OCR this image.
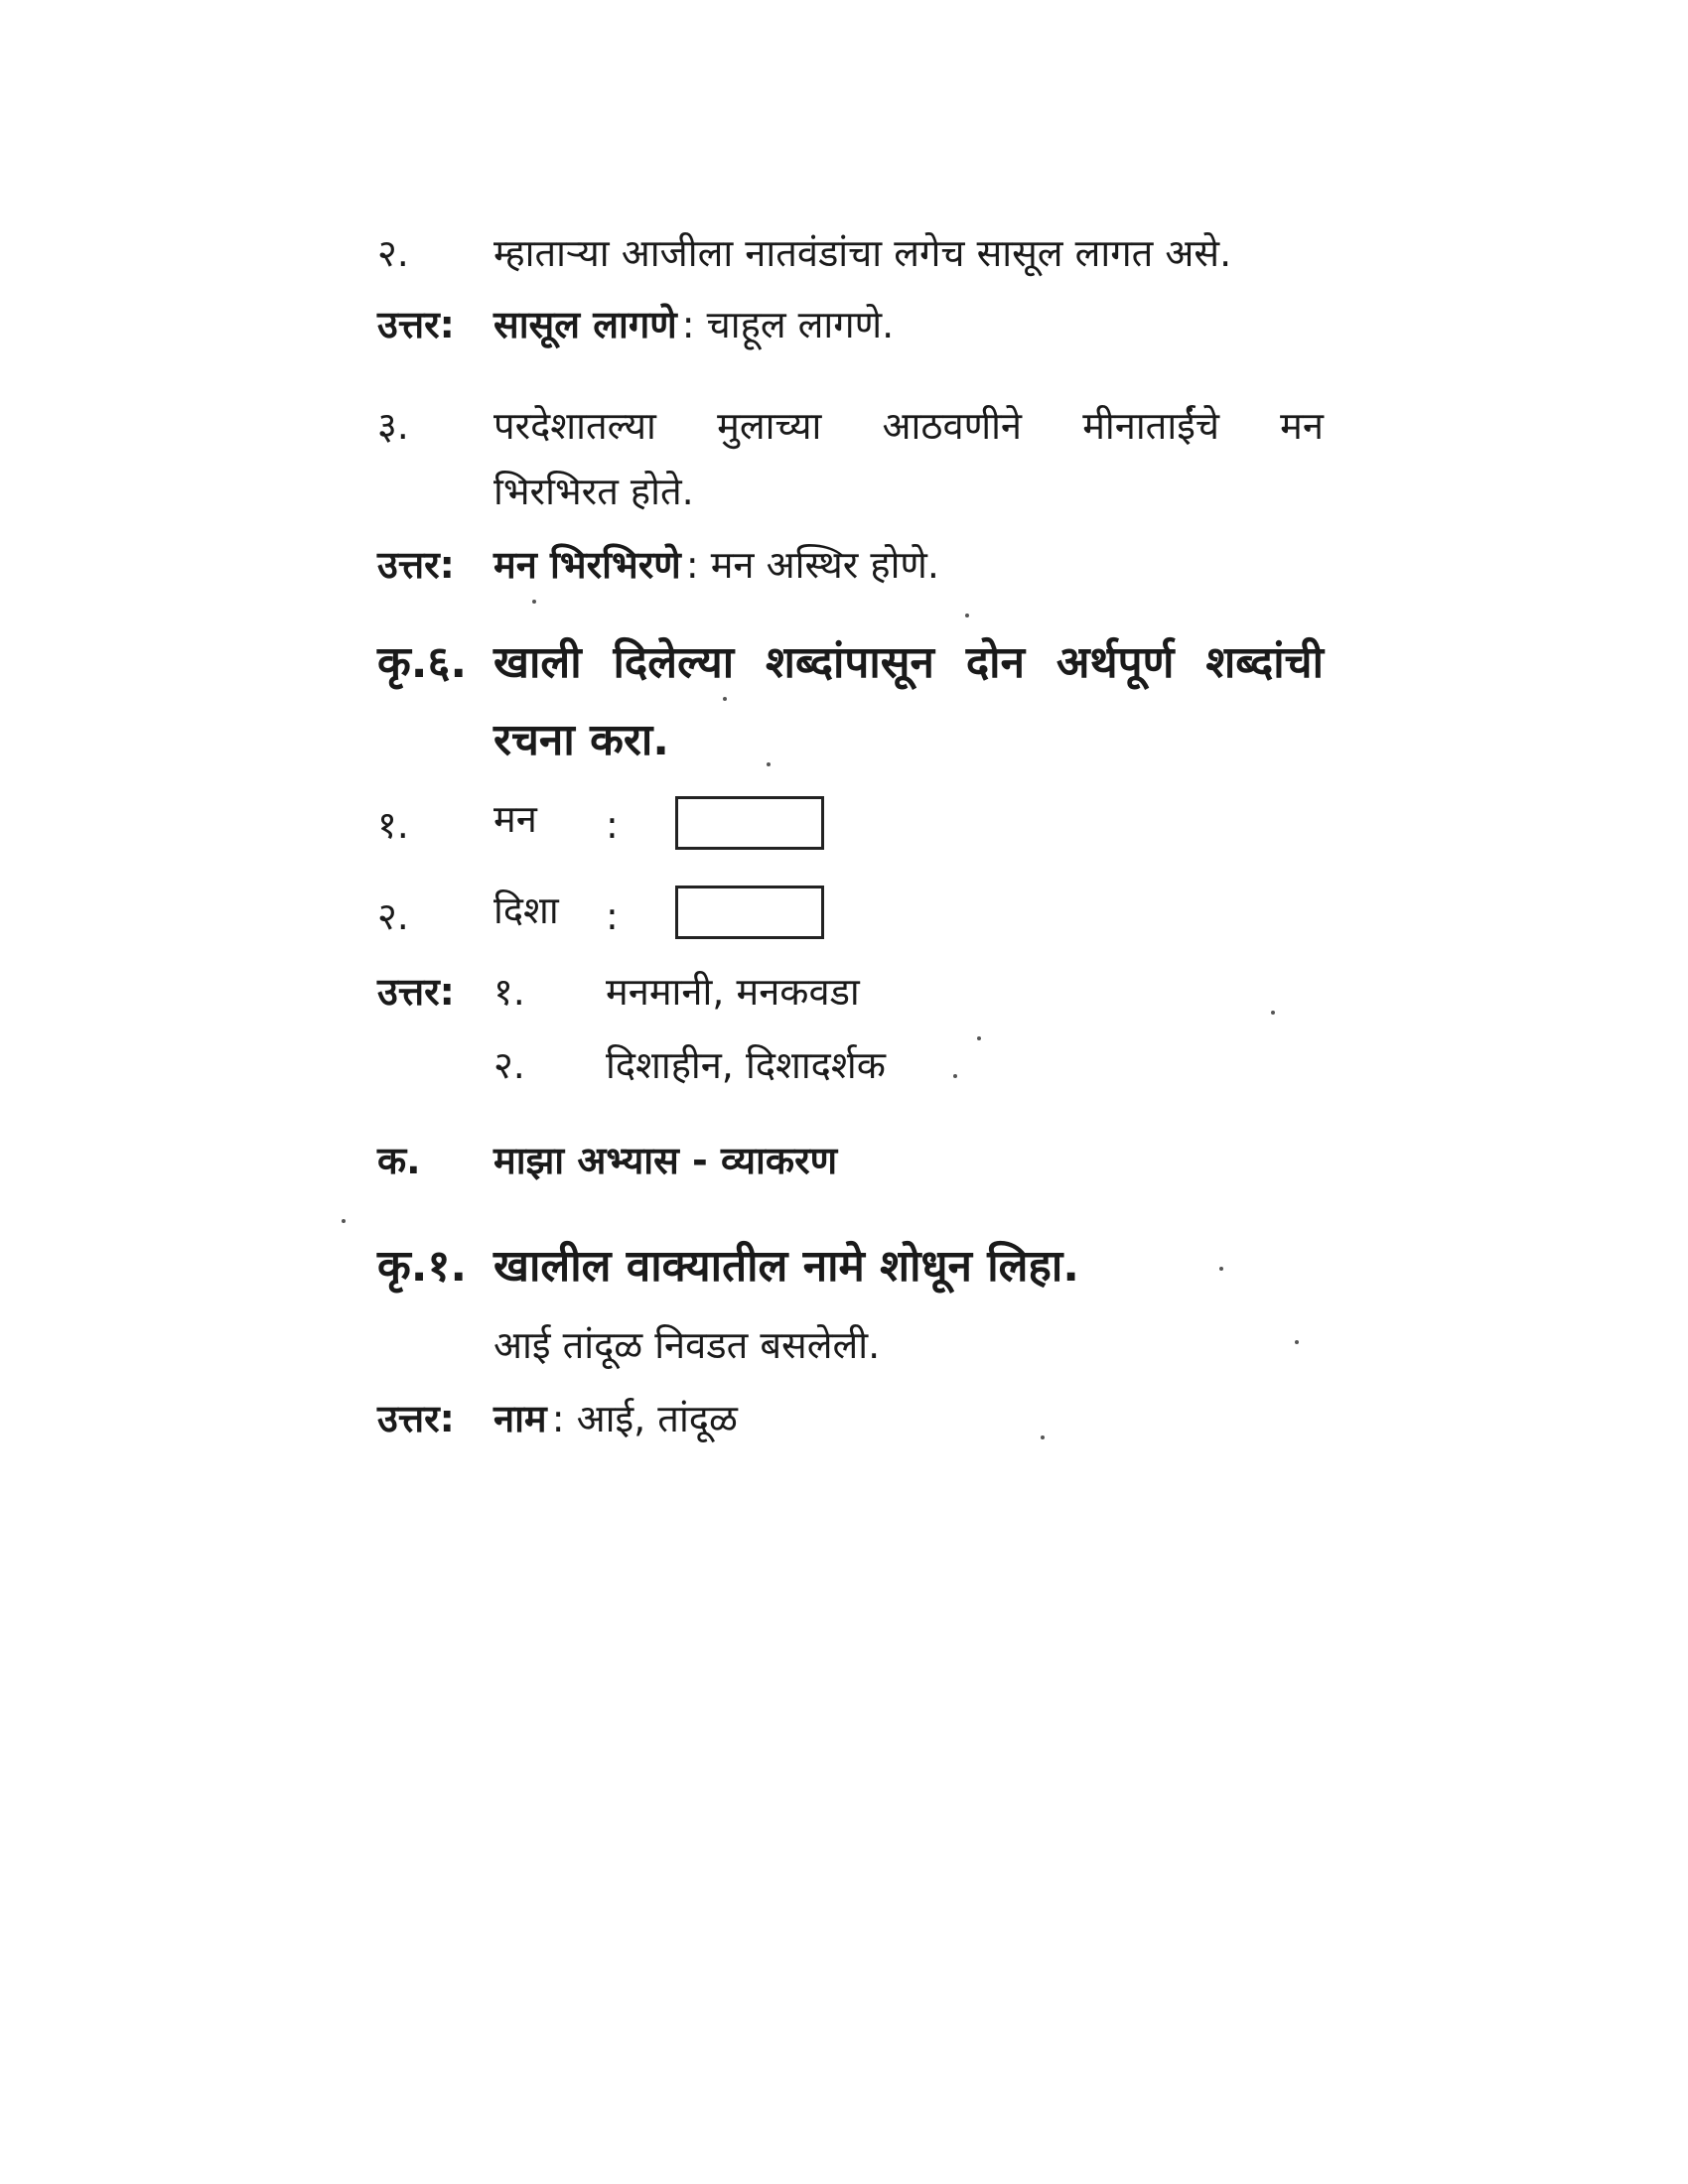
२. म्हाताऱ्या आजीला नातवंडांचा लगेच सासूल लागत असे.
उत्तर: सासूल लागणे : चाहूल लागणे.
३. परदेशातल्या मुलाच्या आठवणीने मीनाताईंचे मन
भिरभिरत होते.
उत्तर: मन भिरभिरणे : मन अस्थिर होणे.
कृ.६. खाली दिलेल्या शब्दांपासून दोन अर्थपूर्ण शब्दांची
रचना करा.
१. मन :
२. दिशा :
उत्तर: १. मनमानी, मनकवडा
२. दिशाहीन, दिशादर्शक
क. माझा अभ्यास - व्याकरण
कृ.१. खालील वाक्यातील नामे शोधून लिहा.
आई तांदूळ निवडत बसलेली.
उत्तर: नाम : आई, तांदूळ
